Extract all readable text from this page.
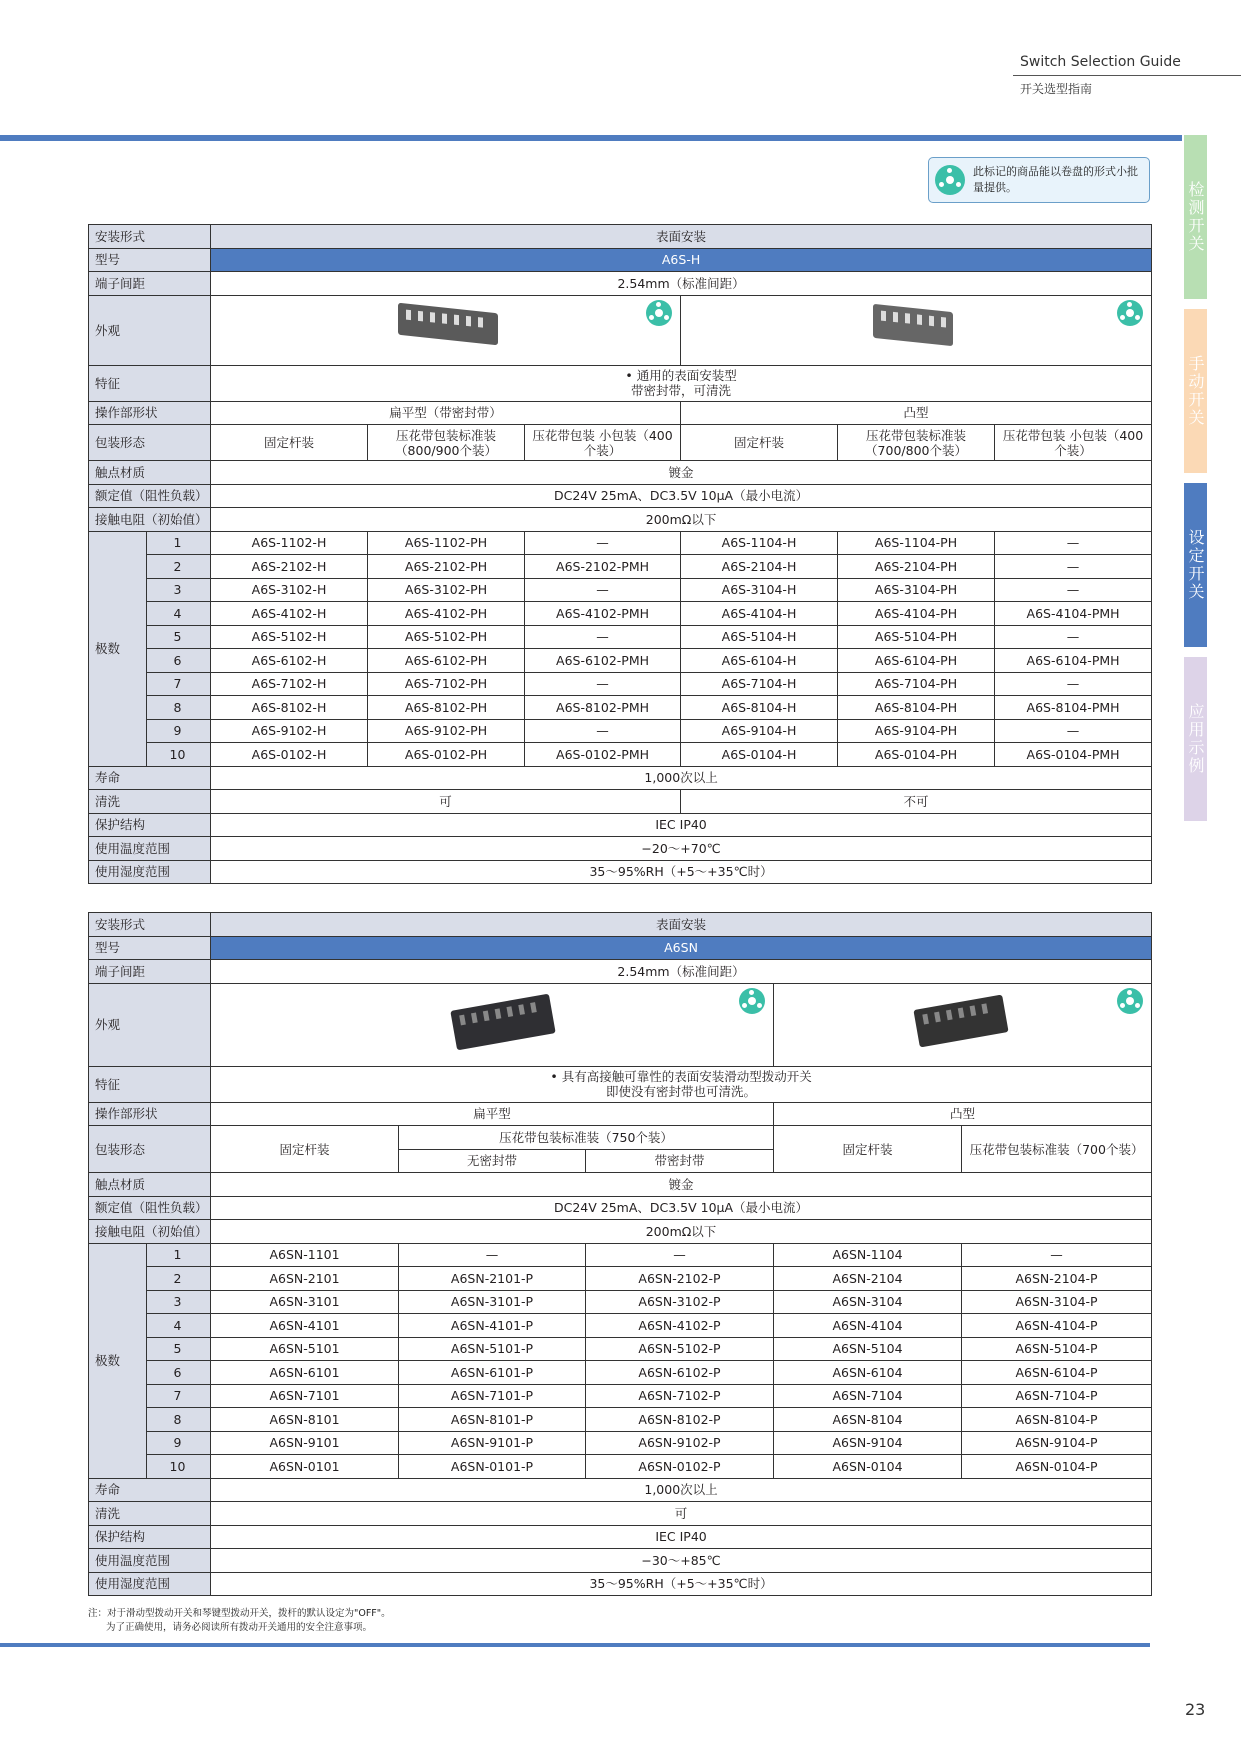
Switch Selection Guide
开关选型指南
检测开关
手动开关
设定开关
应用示例
此标记的商品能以卷盘的形式小批量提供。
安装形式		表面安装					
型号		A6S-H					
端子间距		2.54mm（标准间距）					
外观						

特征		• 通用的表面安装型
带密封带，可清洗					

操作部形状		扁平型（带密封带）			凸型		
包装形态		固定杆装	压花带包装标准装（800/900个装）	压花带包装 小包装（400个装）	固定杆装	压花带包装标准装（700/800个装）	压花带包装 小包装（400个装）
触点材质		镀金					
额定值（阻性负载）		DC24V 25mA、DC3.5V 10μA（最小电流）					
接触电阻（初始值）		200mΩ以下					
极数	1	A6S-1102-H	A6S-1102-PH	—	A6S-1104-H	A6S-1104-PH	—
	2	A6S-2102-H	A6S-2102-PH	A6S-2102-PMH	A6S-2104-H	A6S-2104-PH	—
	3	A6S-3102-H	A6S-3102-PH	—	A6S-3104-H	A6S-3104-PH	—
	4	A6S-4102-H	A6S-4102-PH	A6S-4102-PMH	A6S-4104-H	A6S-4104-PH	A6S-4104-PMH
	5	A6S-5102-H	A6S-5102-PH	—	A6S-5104-H	A6S-5104-PH	—
	6	A6S-6102-H	A6S-6102-PH	A6S-6102-PMH	A6S-6104-H	A6S-6104-PH	A6S-6104-PMH
	7	A6S-7102-H	A6S-7102-PH	—	A6S-7104-H	A6S-7104-PH	—
	8	A6S-8102-H	A6S-8102-PH	A6S-8102-PMH	A6S-8104-H	A6S-8104-PH	A6S-8104-PMH
	9	A6S-9102-H	A6S-9102-PH	—	A6S-9104-H	A6S-9104-PH	—
	10	A6S-0102-H	A6S-0102-PH	A6S-0102-PMH	A6S-0104-H	A6S-0104-PH	A6S-0104-PMH
寿命		1,000次以上					
清洗		可			不可		
保护结构		IEC IP40					
使用温度范围		−20～+70℃					
使用湿度范围		35～95%RH（+5～+35℃时）					
安装形式		表面安装				
型号		A6SN				
端子间距		2.54mm（标准间距）				
外观					

特征		• 具有高接触可靠性的表面安装滑动型拨动开关
即使没有密封带也可清洗。				

操作部形状		扁平型			凸型	
包装形态		固定杆装	压花带包装标准装（750个装）		固定杆装	压花带包装标准装（700个装）
			无密封带	带密封带		
触点材质		镀金				
额定值（阻性负载）		DC24V 25mA、DC3.5V 10μA（最小电流）				
接触电阻（初始值）		200mΩ以下				
极数	1	A6SN-1101	—	—	A6SN-1104	—
	2	A6SN-2101	A6SN-2101-P	A6SN-2102-P	A6SN-2104	A6SN-2104-P
	3	A6SN-3101	A6SN-3101-P	A6SN-3102-P	A6SN-3104	A6SN-3104-P
	4	A6SN-4101	A6SN-4101-P	A6SN-4102-P	A6SN-4104	A6SN-4104-P
	5	A6SN-5101	A6SN-5101-P	A6SN-5102-P	A6SN-5104	A6SN-5104-P
	6	A6SN-6101	A6SN-6101-P	A6SN-6102-P	A6SN-6104	A6SN-6104-P
	7	A6SN-7101	A6SN-7101-P	A6SN-7102-P	A6SN-7104	A6SN-7104-P
	8	A6SN-8101	A6SN-8101-P	A6SN-8102-P	A6SN-8104	A6SN-8104-P
	9	A6SN-9101	A6SN-9101-P	A6SN-9102-P	A6SN-9104	A6SN-9104-P
	10	A6SN-0101	A6SN-0101-P	A6SN-0102-P	A6SN-0104	A6SN-0104-P
寿命		1,000次以上				
清洗		可				
保护结构		IEC IP40				
使用温度范围		−30～+85℃				
使用湿度范围		35～95%RH（+5～+35℃时）				
注：对于滑动型拨动开关和琴键型拨动开关，拨杆的默认设定为"OFF"。
为了正确使用，请务必阅读所有拨动开关通用的安全注意事项。
23
